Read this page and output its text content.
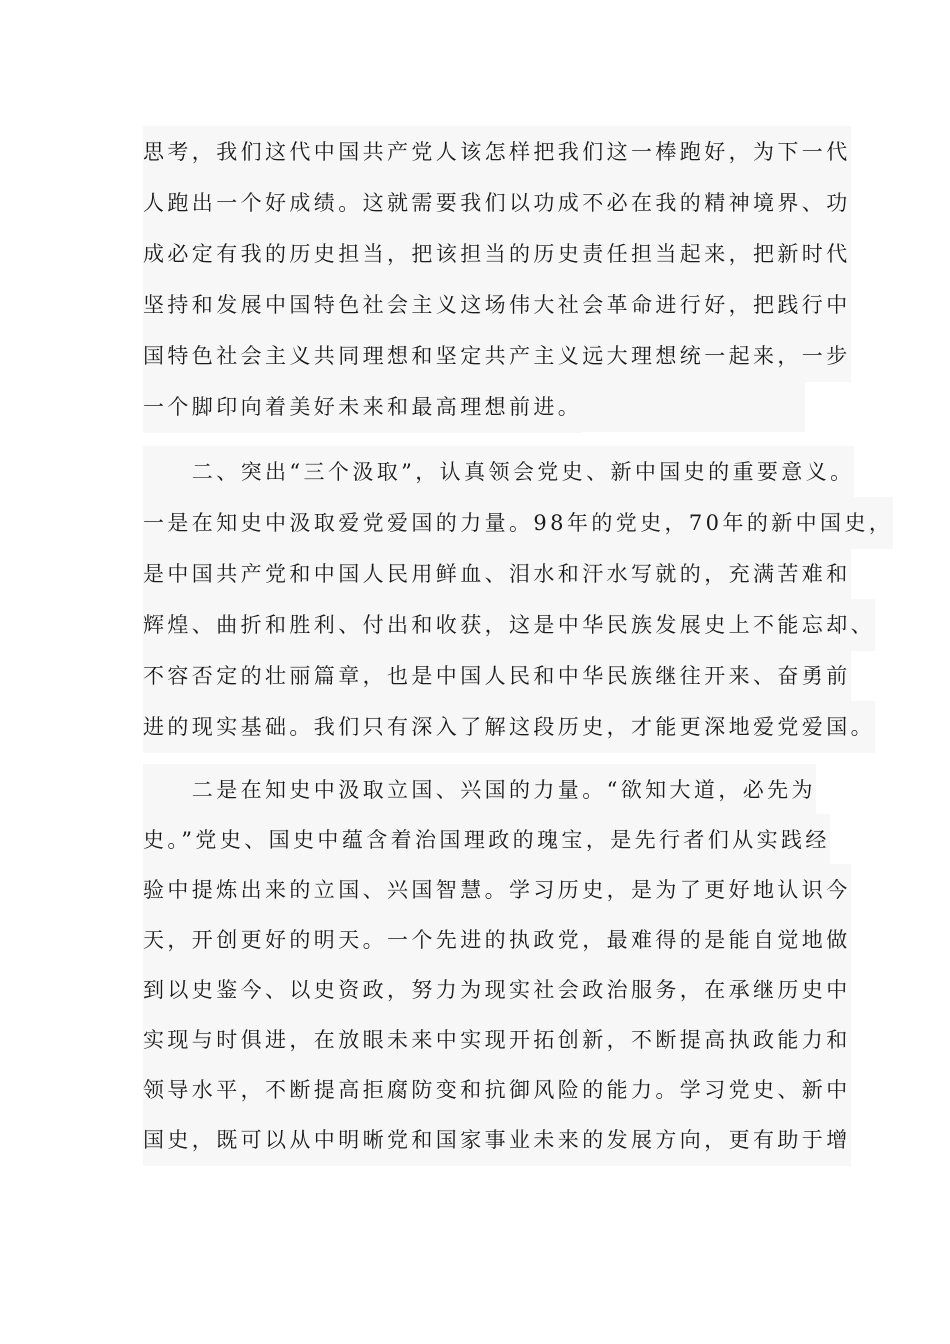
思考，我们这代中国共产党人该怎样把我们这一棒跑好，为下一代
人跑出一个好成绩。这就需要我们以功成不必在我的精神境界、功
成必定有我的历史担当，把该担当的历史责任担当起来，把新时代
坚持和发展中国特色社会主义这场伟大社会革命进行好，把践行中
国特色社会主义共同理想和坚定共产主义远大理想统一起来，一步
一个脚印向着美好未来和最高理想前进。
　　二、突出“三个汲取”，认真领会党史、新中国史的重要意义。
一是在知史中汲取爱党爱国的力量。98年的党史，70年的新中国史，
是中国共产党和中国人民用鲜血、泪水和汗水写就的，充满苦难和
辉煌、曲折和胜利、付出和收获，这是中华民族发展史上不能忘却、
不容否定的壮丽篇章，也是中国人民和中华民族继往开来、奋勇前
进的现实基础。我们只有深入了解这段历史，才能更深地爱党爱国。
　　二是在知史中汲取立国、兴国的力量。“欲知大道，必先为
史。”党史、国史中蕴含着治国理政的瑰宝，是先行者们从实践经
验中提炼出来的立国、兴国智慧。学习历史，是为了更好地认识今
天，开创更好的明天。一个先进的执政党，最难得的是能自觉地做
到以史鉴今、以史资政，努力为现实社会政治服务，在承继历史中
实现与时俱进，在放眼未来中实现开拓创新，不断提高执政能力和
领导水平，不断提高拒腐防变和抗御风险的能力。学习党史、新中
国史，既可以从中明晰党和国家事业未来的发展方向，更有助于增
